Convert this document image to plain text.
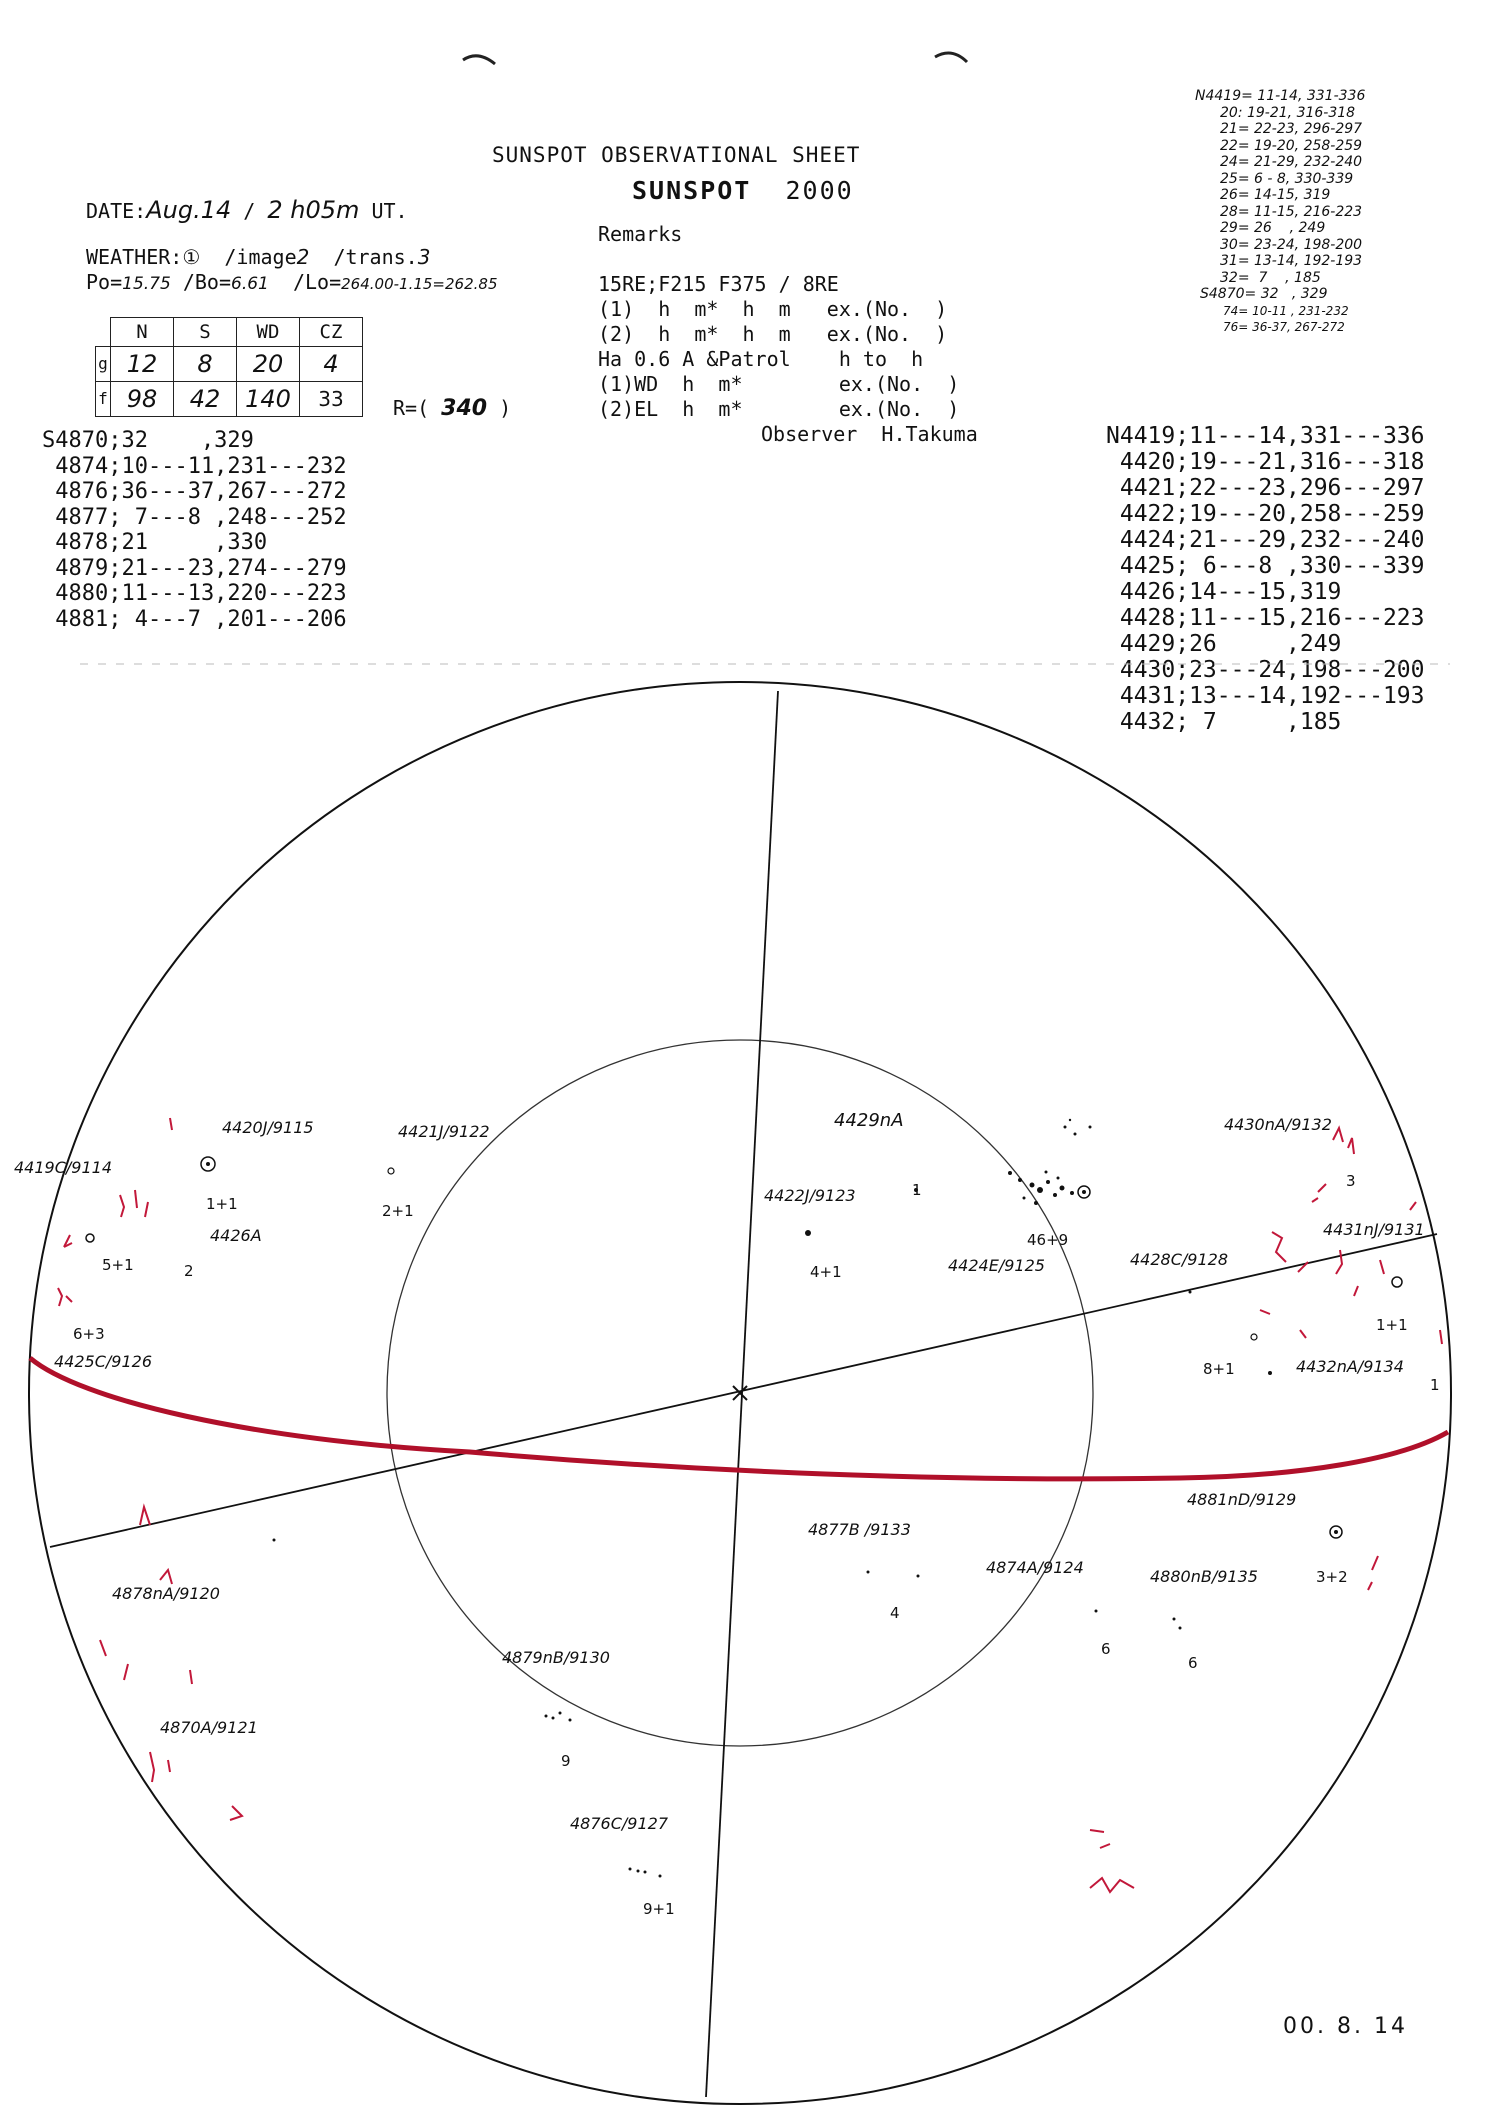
SUNSPOT OBSERVATIONAL SHEET
SUNSPOT 2000
DATE:Aug.14 / 2 h05m UT.
WEATHER:① /image2 /trans.3
Po=15.75 /Bo=6.61 /Lo=264.00-1.15=262.85
	N	S	WD	CZ
g	12	8	20	4
f	98	42	140	33 R=( 340 )
Remarks
15RE;F215 F375 / 8RE
(1)  h  m*  h  m   ex.(No.  )
(2)  h  m*  h  m   ex.(No.  )
Ha 0.6 A &Patrol    h to  h
(1)WD  h  m*        ex.(No.  )
(2)EL  h  m*        ex.(No.  )
Observer  H.Takuma
S4870;32    ,329
4874;10---11,231---232
4876;36---37,267---272
4877; 7---8 ,248---252
4878;21     ,330
4879;21---23,274---279
4880;11---13,220---223
4881; 4---7 ,201---206
N4419;11---14,331---336
4420;19---21,316---318
4421;22---23,296---297
4422;19---20,258---259
4424;21---29,232---240
4425; 6---8 ,330---339
4426;14---15,319
4428;11---15,216---223
4429;26     ,249
4430;23---24,198---200
4431;13---14,192---193
4432; 7     ,185
N4419= 11-14, 331-336
20: 19-21, 316-318
21= 22-23, 296-297
22= 19-20, 258-259
24= 21-29, 232-240
25= 6 - 8, 330-339
26= 14-15, 319
28= 11-15, 216-223
29= 26    , 249
30= 23-24, 198-200
31= 13-14, 192-193
32=  7    , 185
S4870= 32   , 329
74= 10-11 , 231-232
76= 36-37, 267-272
4419C/9114
4420J/9115	4421J/9122
4429nA	4430nA/9132
4422J/9123
4424E/9125
4426A
4428C/9128
4431nJ/9131
4425C/9126	4432nA/9134
4881nD/9129
4877B /9133
4874A/9124	4880nB/9135
4878nA/9120
4879nB/9130
4870A/9121
4876C/9127
1+1	2+1
5+1	2
6+3
1
4+1
46+9
3
1+1
8+1
1
4
6
6
3+2
9
9+1
00. 8. 14
